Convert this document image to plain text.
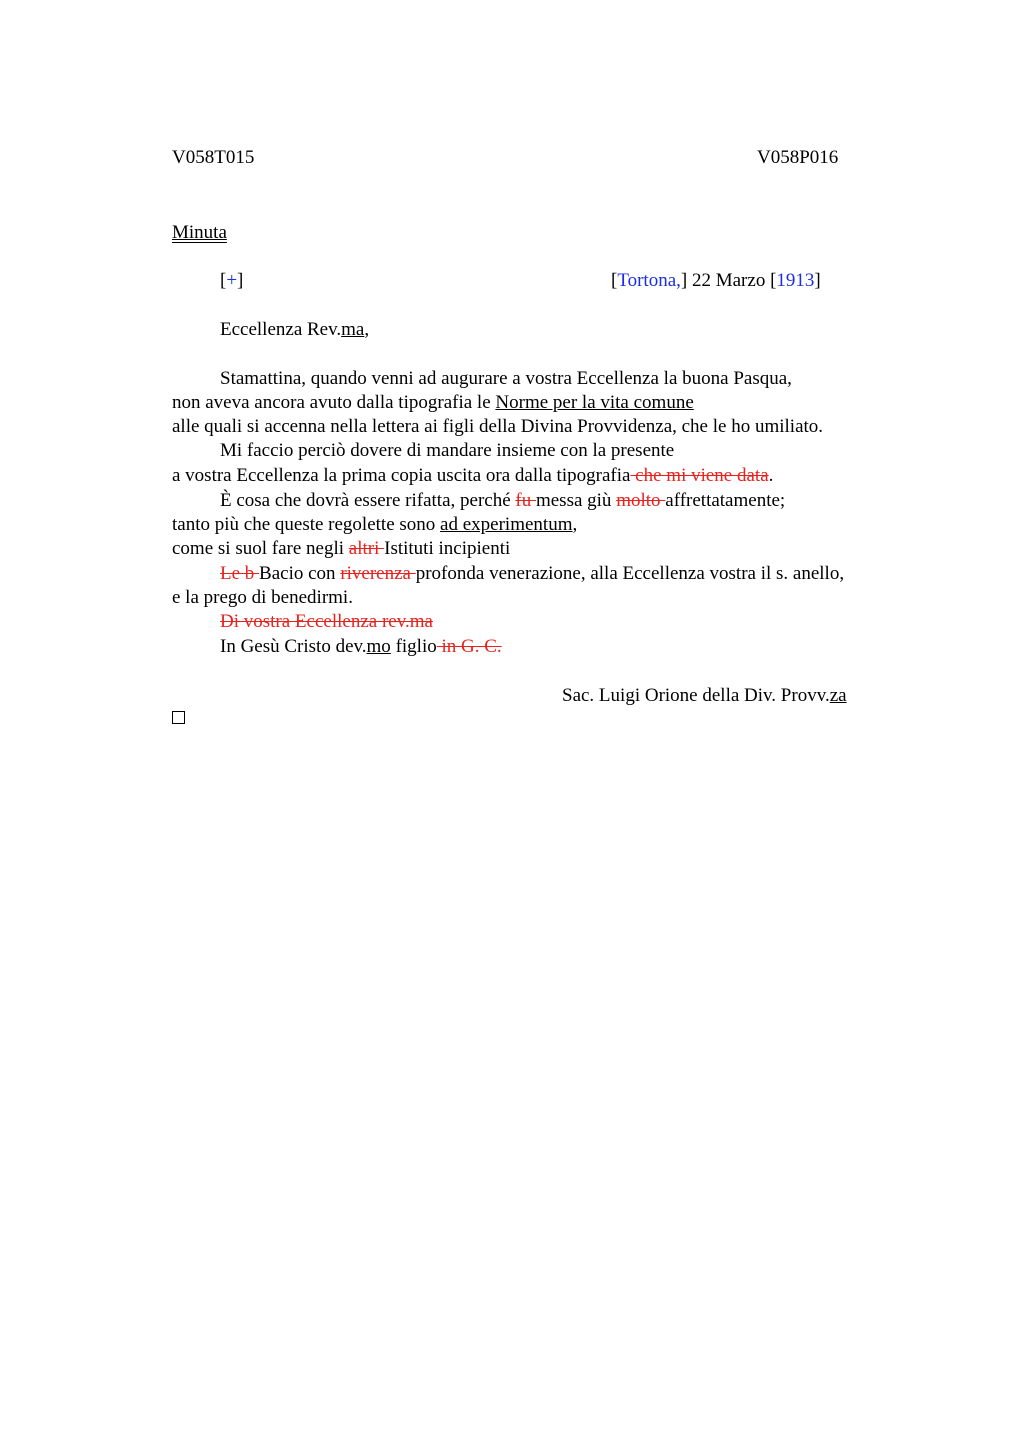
V058T015	V058P016
Minuta
[+]	[Tortona,] 22 Marzo [1913]
Eccellenza Rev.ma,
Stamattina, quando venni ad augurare a vostra Eccellenza la buona Pasqua,
non aveva ancora avuto dalla tipografia le Norme per la vita comune
alle quali si accenna nella lettera ai figli della Divina Provvidenza, che le ho umiliato.
Mi faccio perciò dovere di mandare insieme con la presente
a vostra Eccellenza la prima copia uscita ora dalla tipografia che mi viene data.
È cosa che dovrà essere rifatta, perché fu messa giù molto affrettatamente;
tanto più che queste regolette sono ad experimentum,
come si suol fare negli altri Istituti incipienti
Le b Bacio con riverenza profonda venerazione, alla Eccellenza vostra il s. anello,
e la prego di benedirmi.
Di vostra Eccellenza rev.ma
In Gesù Cristo dev.mo figlio in G. C.
Sac. Luigi Orione della Div. Provv.za
